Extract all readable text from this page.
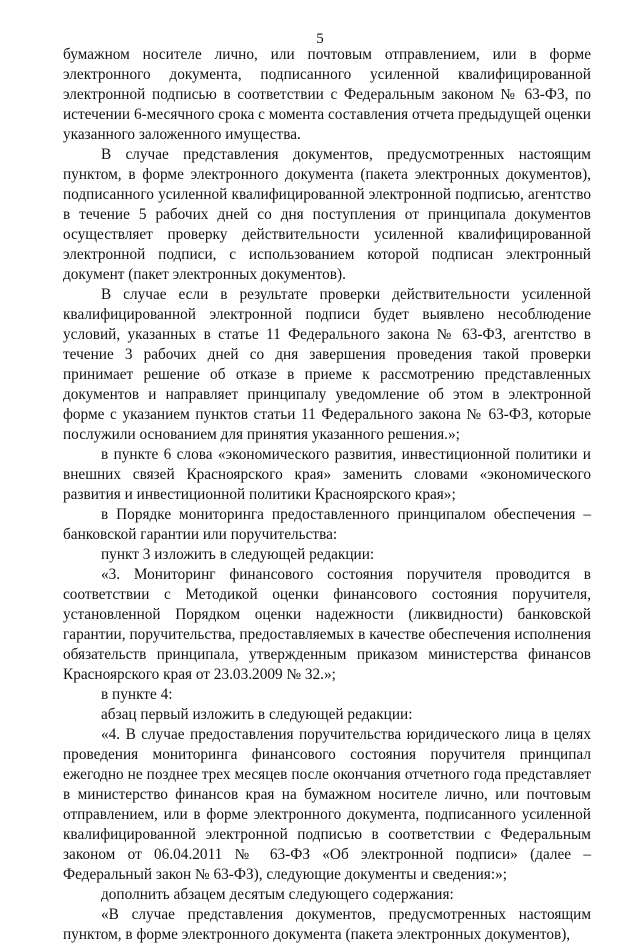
5

бумажном носителе лично, или почтовым отправлением, или в форме электронного документа, подписанного усиленной квалифицированной электронной подписью в соответствии с Федеральным законом № 63-ФЗ, по истечении 6-месячного срока с момента составления отчета предыдущей оценки указанного заложенного имущества.

В случае представления документов, предусмотренных настоящим пунктом, в форме электронного документа (пакета электронных документов), подписанного усиленной квалифицированной электронной подписью, агентство в течение 5 рабочих дней со дня поступления от принципала документов осуществляет проверку действительности усиленной квалифицированной электронной подписи, с использованием которой подписан электронный документ (пакет электронных документов).

В случае если в результате проверки действительности усиленной квалифицированной электронной подписи будет выявлено несоблюдение условий, указанных в статье 11 Федерального закона № 63-ФЗ, агентство в течение 3 рабочих дней со дня завершения проведения такой проверки принимает решение об отказе в приеме к рассмотрению представленных документов и направляет принципалу уведомление об этом в электронной форме с указанием пунктов статьи 11 Федерального закона № 63-ФЗ, которые послужили основанием для принятия указанного решения.»;

в пункте 6 слова «экономического развития, инвестиционной политики и внешних связей Красноярского края» заменить словами «экономического развития и инвестиционной политики Красноярского края»;

в Порядке мониторинга предоставленного принципалом обеспечения – банковской гарантии или поручительства:

пункт 3 изложить в следующей редакции:

«3. Мониторинг финансового состояния поручителя проводится в соответствии с Методикой оценки финансового состояния поручителя, установленной Порядком оценки надежности (ликвидности) банковской гарантии, поручительства, предоставляемых в качестве обеспечения исполнения обязательств принципала, утвержденным приказом министерства финансов Красноярского края от 23.03.2009 № 32.»;

в пункте 4:

абзац первый изложить в следующей редакции:

«4. В случае предоставления поручительства юридического лица в целях проведения мониторинга финансового состояния поручителя принципал ежегодно не позднее трех месяцев после окончания отчетного года представляет в министерство финансов края на бумажном носителе лично, или почтовым отправлением, или в форме электронного документа, подписанного усиленной квалифицированной электронной подписью в соответствии с Федеральным законом от 06.04.2011 № 63-ФЗ «Об электронной подписи» (далее – Федеральный закон № 63-ФЗ), следующие документы и сведения:»;

дополнить абзацем десятым следующего содержания:

«В случае представления документов, предусмотренных настоящим пунктом, в форме электронного документа (пакета электронных документов),
